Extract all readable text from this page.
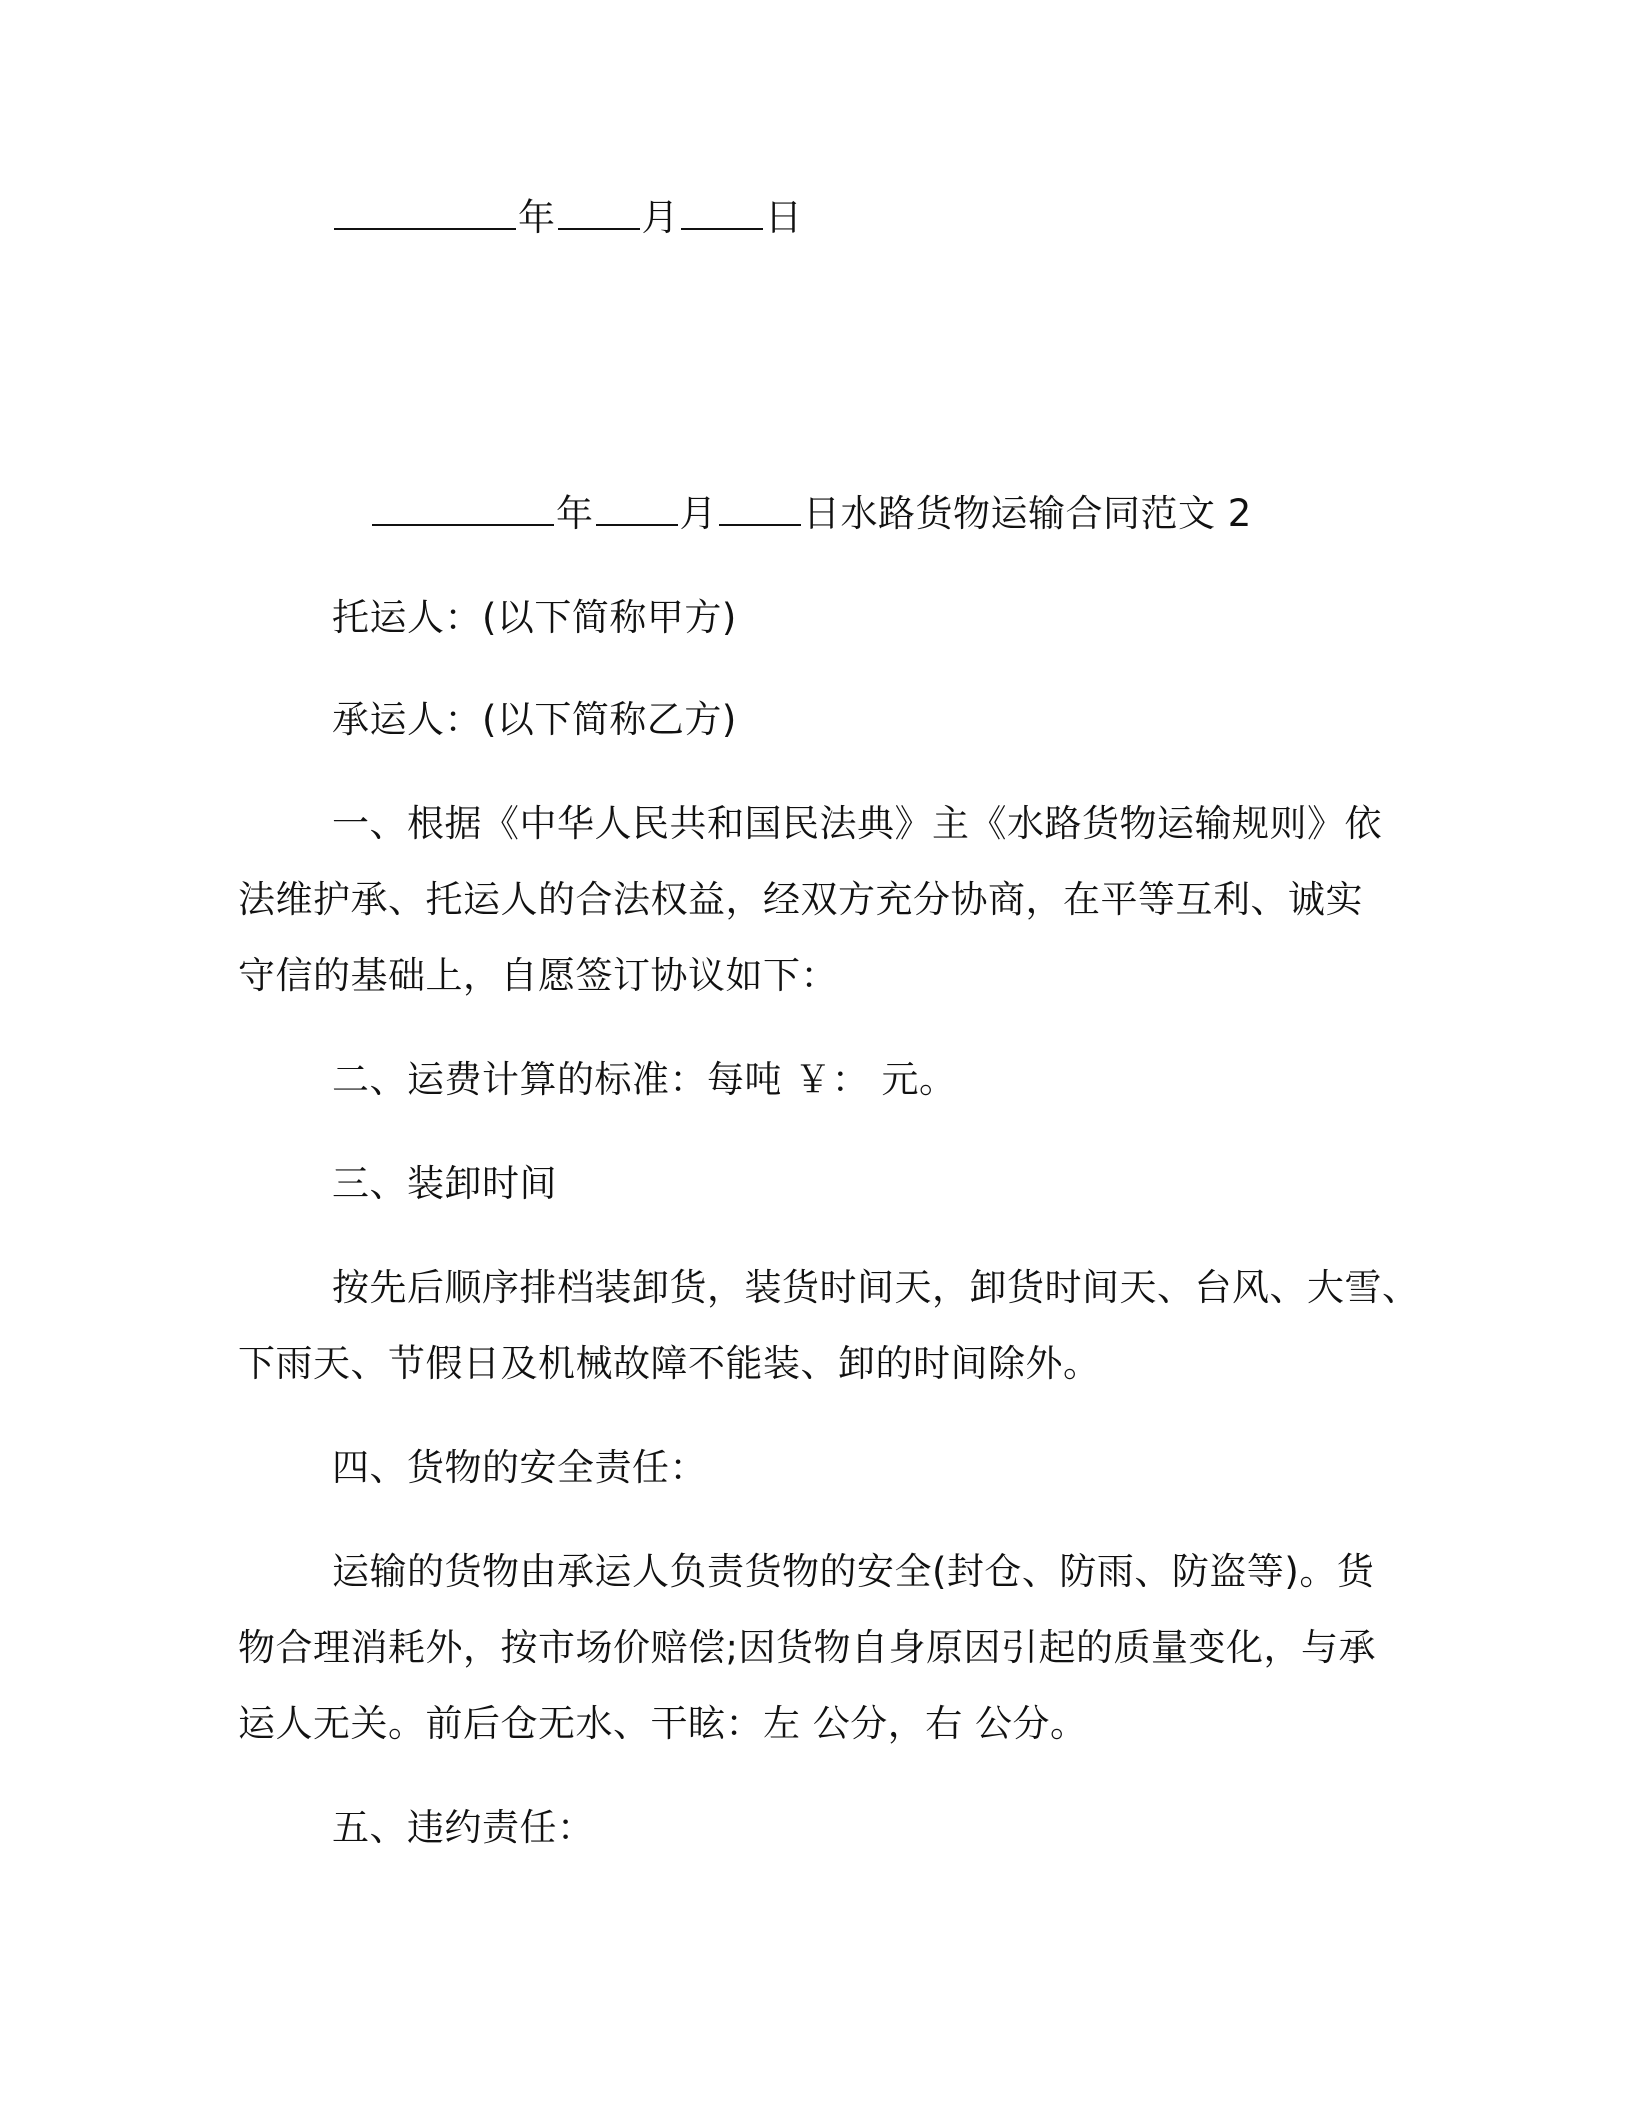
年 月 日
年 月 日水路货物运输合同范文 2
托运人：(以下简称甲方)
承运人：(以下简称乙方)
一、根据《中华人民共和国民法典》主《水路货物运输规则》依
法维护承、托运人的合法权益，经双方充分协商，在平等互利、诚实
守信的基础上，自愿签订协议如下：
二、运费计算的标准：每吨 ￥： 元。
三、装卸时间
按先后顺序排档装卸货，装货时间天，卸货时间天、台风、大雪、
下雨天、节假日及机械故障不能装、卸的时间除外。
四、货物的安全责任：
运输的货物由承运人负责货物的安全(封仓、防雨、防盗等)。货
物合理消耗外，按市场价赔偿;因货物自身原因引起的质量变化，与承
运人无关。前后仓无水、干眩：左 公分，右 公分。
五、违约责任：
